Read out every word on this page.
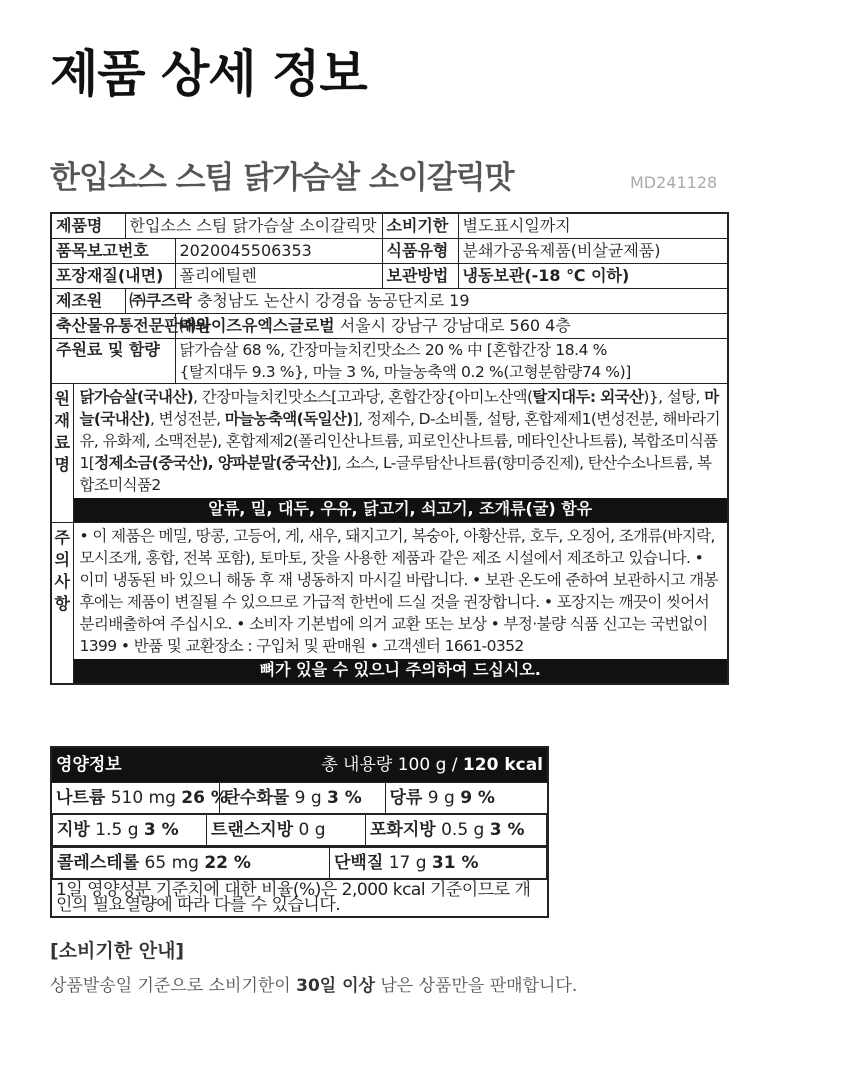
제품 상세 정보
한입소스 스팀 닭가슴살 소이갈릭맛	MD241128
제품명		한입소스 스팀 닭가슴살 소이갈릭맛		소비기한	별도표시일까지
품목보고번호			2020045506353	식품유형	분쇄가공육제품(비살균제품)
포장재질(내면)			폴리에틸렌	보관방법	냉동보관(-18 ℃ 이하)
제조원		㈜쿠즈락 충청남도 논산시 강경읍 농공단지로 19			
축산물유통전문판매원			㈜와이즈유엑스글로벌 서울시 강남구 강남대로 560 4층		
주원료 및 함량			닭가슴살 68 %, 간장마늘치킨맛소스 20 % 中 [혼합간장 18.4 %
{탈지대두 9.3 %}, 마늘 3 %, 마늘농축액 0.2 %(고형분함량74 %)]		

원재료명	닭가슴살(국내산), 간장마늘치킨맛소스[고과당, 혼합간장{아미노산액(탈지대두: 외국산)}, 설탕, 마늘(국내산), 변성전분, 마늘농축액(독일산)], 정제수, D-소비톨, 설탕, 혼합제제1(변성전분, 해바라기유, 유화제, 소맥전분), 혼합제제2(폴리인산나트륨, 피로인산나트륨, 메타인산나트륨), 복합조미식품1[정제소금(중국산), 양파분말(중국산)], 소스, L-글루탐산나트륨(향미증진제), 탄산수소나트륨, 복합조미식품2
알류, 밀, 대두, 우유, 닭고기, 쇠고기, 조개류(굴) 함유				

주의사항	• 이 제품은 메밀, 땅콩, 고등어, 게, 새우, 돼지고기, 복숭아, 아황산류, 호두, 오징어, 조개류(바지락, 모시조개, 홍합, 전복 포함), 토마토, 잣을 사용한 제품과 같은 제조 시설에서 제조하고 있습니다. • 이미 냉동된 바 있으니 해동 후 재 냉동하지 마시길 바랍니다. • 보관 온도에 준하여 보관하시고 개봉 후에는 제품이 변질될 수 있으므로 가급적 한번에 드실 것을 권장합니다. • 포장지는 깨끗이 씻어서 분리배출하여 주십시오. • 소비자 기본법에 의거 교환 또는 보상 • 부정·불량 식품 신고는 국번없이 1399 • 반품 및 교환장소 : 구입처 및 판매원 • 고객센터 1661-0352
뼈가 있을 수 있으니 주의하여 드십시오.				
영양정보	총 내용량 100 g / 120 kcal

나트륨 510 mg 26 %	탄수화물 9 g 3 %	당류 9 g 9 %

지방 1.5 g 3 %	트랜스지방 0 g	포화지방 0.5 g 3 %

콜레스테롤 65 mg 22 %	단백질 17 g 31 %

1일 영양성분 기준치에 대한 비율(%)은 2,000 kcal 기준이므로 개인의 필요열량에 따라 다를 수 있습니다.
[소비기한 안내]
상품발송일 기준으로 소비기한이 30일 이상 남은 상품만을 판매합니다.
